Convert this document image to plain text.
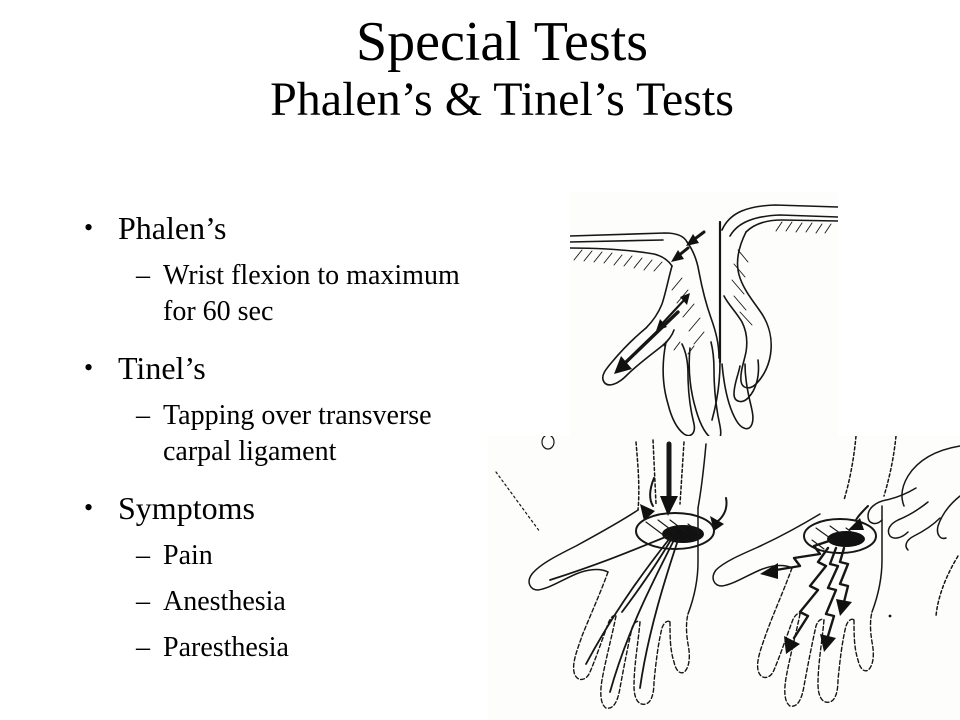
Special Tests
Phalen’s & Tinel’s Tests
• Phalen’s
– Wrist flexion to maximum for 60 sec
• Tinel’s
– Tapping over transverse carpal ligament
• Symptoms
– Pain
– Anesthesia
– Paresthesia
